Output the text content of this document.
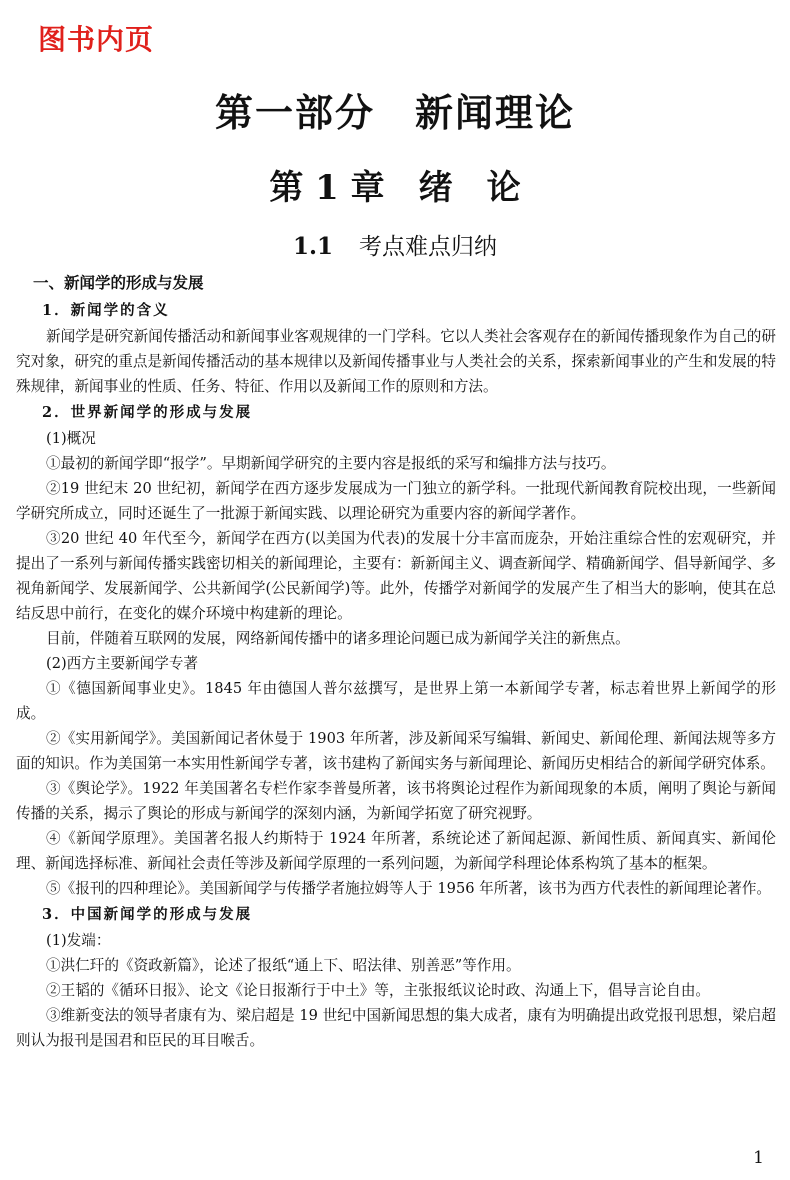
图书内页
第一部分　新闻理论
第 1 章　绪　论
1.1 考点难点归纳

一、新闻学的形成与发展

1．新闻学的含义

新闻学是研究新闻传播活动和新闻事业客观规律的一门学科。它以人类社会客观存在的新闻传播现象作为自己的研究对象，研究的重点是新闻传播活动的基本规律以及新闻传播事业与人类社会的关系，探索新闻事业的产生和发展的特殊规律，新闻事业的性质、任务、特征、作用以及新闻工作的原则和方法。

2．世界新闻学的形成与发展

(1)概况

①最初的新闻学即“报学”。早期新闻学研究的主要内容是报纸的采写和编排方法与技巧。

②19 世纪末 20 世纪初，新闻学在西方逐步发展成为一门独立的新学科。一批现代新闻教育院校出现，一些新闻学研究所成立，同时还诞生了一批源于新闻实践、以理论研究为重要内容的新闻学著作。

③20 世纪 40 年代至今，新闻学在西方(以美国为代表)的发展十分丰富而庞杂，开始注重综合性的宏观研究，并提出了一系列与新闻传播实践密切相关的新闻理论，主要有：新新闻主义、调查新闻学、精确新闻学、倡导新闻学、多视角新闻学、发展新闻学、公共新闻学(公民新闻学)等。此外，传播学对新闻学的发展产生了相当大的影响，使其在总结反思中前行，在变化的媒介环境中构建新的理论。

目前，伴随着互联网的发展，网络新闻传播中的诸多理论问题已成为新闻学关注的新焦点。

(2)西方主要新闻学专著

①《德国新闻事业史》。1845 年由德国人普尔兹撰写，是世界上第一本新闻学专著，标志着世界上新闻学的形成。

②《实用新闻学》。美国新闻记者休曼于 1903 年所著，涉及新闻采写编辑、新闻史、新闻伦理、新闻法规等多方面的知识。作为美国第一本实用性新闻学专著，该书建构了新闻实务与新闻理论、新闻历史相结合的新闻学研究体系。

③《舆论学》。1922 年美国著名专栏作家李普曼所著，该书将舆论过程作为新闻现象的本质，阐明了舆论与新闻传播的关系，揭示了舆论的形成与新闻学的深刻内涵，为新闻学拓宽了研究视野。

④《新闻学原理》。美国著名报人约斯特于 1924 年所著，系统论述了新闻起源、新闻性质、新闻真实、新闻伦理、新闻选择标准、新闻社会责任等涉及新闻学原理的一系列问题，为新闻学科理论体系构筑了基本的框架。

⑤《报刊的四种理论》。美国新闻学与传播学者施拉姆等人于 1956 年所著，该书为西方代表性的新闻理论著作。

3．中国新闻学的形成与发展

(1)发端：

①洪仁玕的《资政新篇》，论述了报纸“通上下、昭法律、别善恶”等作用。

②王韬的《循环日报》、论文《论日报渐行于中土》等，主张报纸议论时政、沟通上下，倡导言论自由。

③维新变法的领导者康有为、梁启超是 19 世纪中国新闻思想的集大成者，康有为明确提出政党报刊思想，梁启超则认为报刊是国君和臣民的耳目喉舌。

1
